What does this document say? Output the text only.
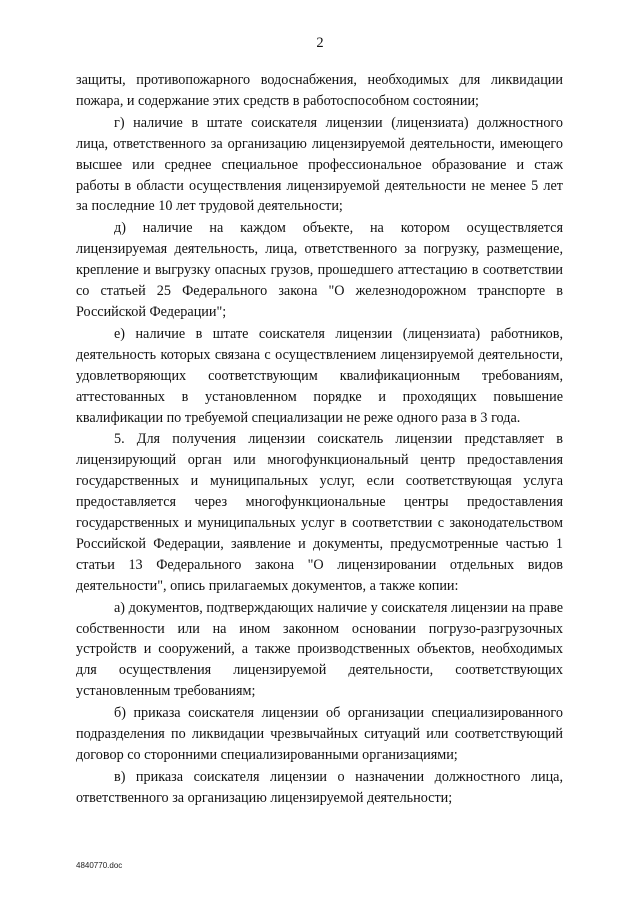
2

защиты, противопожарного водоснабжения, необходимых для ликвидации пожара, и содержание этих средств в работоспособном состоянии;

г) наличие в штате соискателя лицензии (лицензиата) должностного лица, ответственного за организацию лицензируемой деятельности, имеющего высшее или среднее специальное профессиональное образование и стаж работы в области осуществления лицензируемой деятельности не менее 5 лет за последние 10 лет трудовой деятельности;

д) наличие на каждом объекте, на котором осуществляется лицензируемая деятельность, лица, ответственного за погрузку, размещение, крепление и выгрузку опасных грузов, прошедшего аттестацию в соответствии со статьей 25 Федерального закона "О железнодорожном транспорте в Российской Федерации";

е) наличие в штате соискателя лицензии (лицензиата) работников, деятельность которых связана с осуществлением лицензируемой деятельности, удовлетворяющих соответствующим квалификационным требованиям, аттестованных в установленном порядке и проходящих повышение квалификации по требуемой специализации не реже одного раза в 3 года.

5. Для получения лицензии соискатель лицензии представляет в лицензирующий орган или многофункциональный центр предоставления государственных и муниципальных услуг, если соответствующая услуга предоставляется через многофункциональные центры предоставления государственных и муниципальных услуг в соответствии с законодательством Российской Федерации, заявление и документы, предусмотренные частью 1 статьи 13 Федерального закона "О лицензировании отдельных видов деятельности", опись прилагаемых документов, а также копии:

а) документов, подтверждающих наличие у соискателя лицензии на праве собственности или на ином законном основании погрузо-разгрузочных устройств и сооружений, а также производственных объектов, необходимых для осуществления лицензируемой деятельности, соответствующих установленным требованиям;

б) приказа соискателя лицензии об организации специализированного подразделения по ликвидации чрезвычайных ситуаций или соответствующий договор со сторонними специализированными организациями;

в) приказа соискателя лицензии о назначении должностного лица, ответственного за организацию лицензируемой деятельности;

4840770.doc
